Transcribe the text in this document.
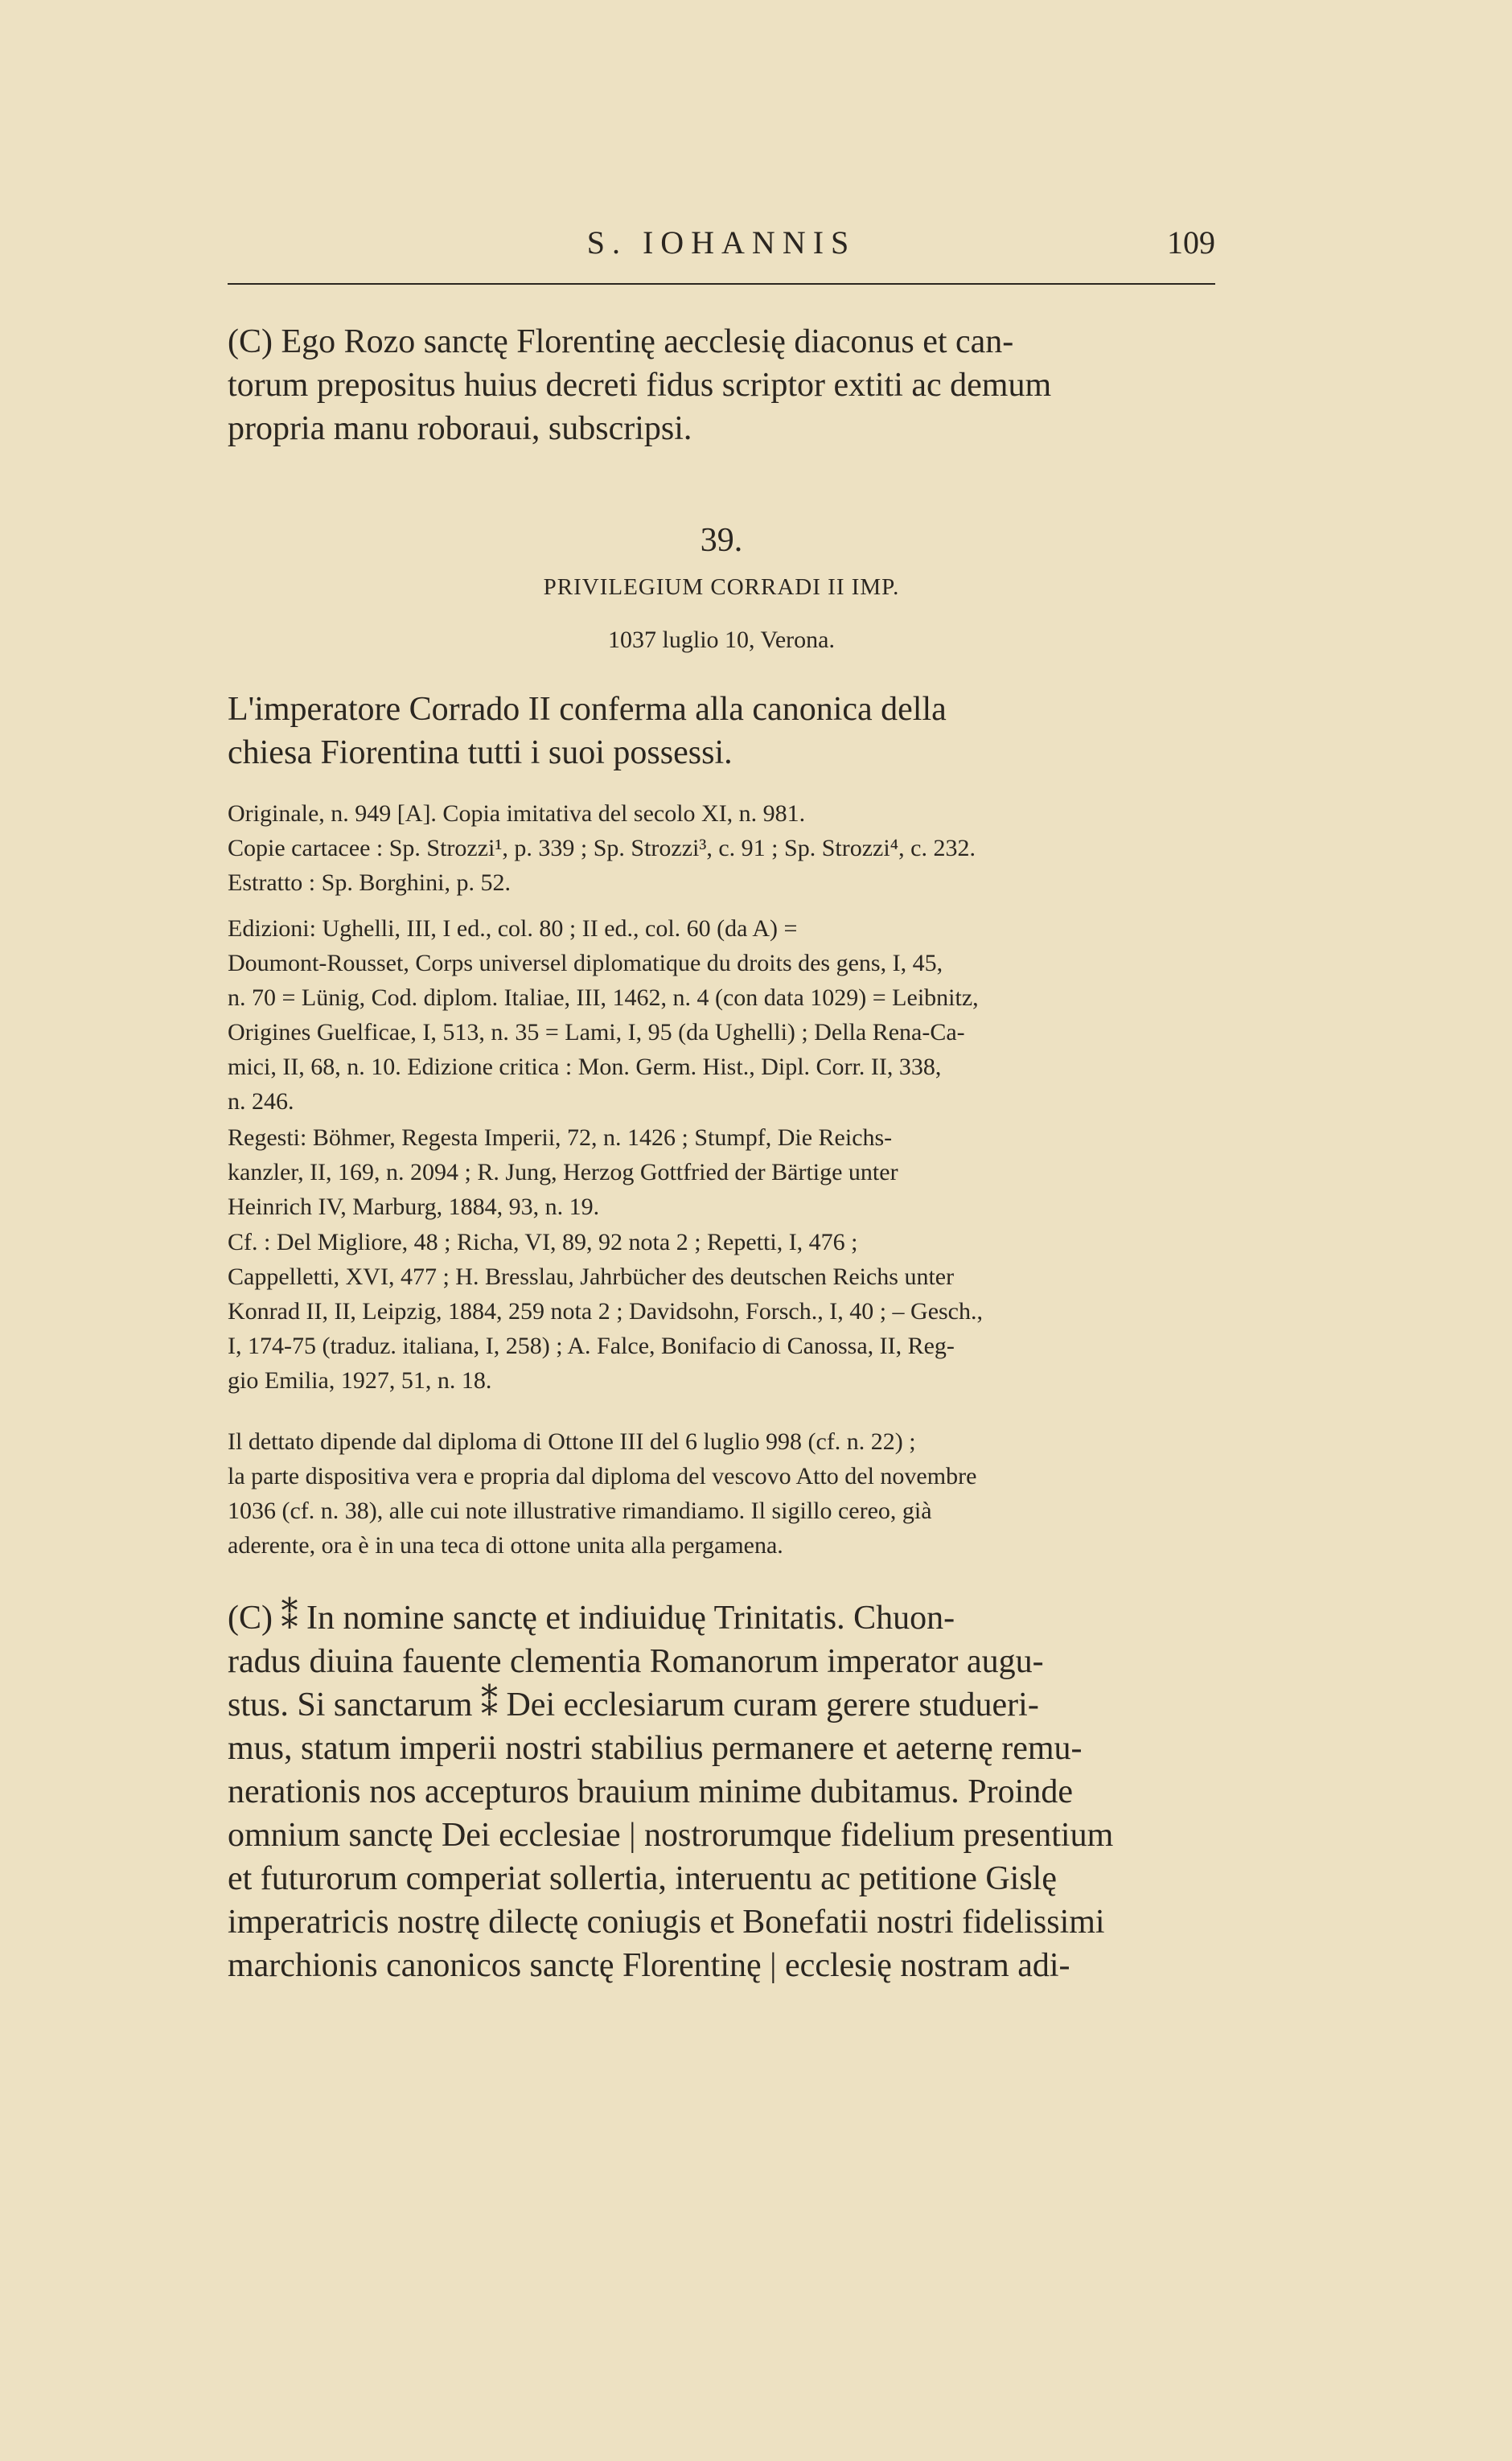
S. IOHANNIS	109
(C) Ego Rozo sanctę Florentinę aecclesię diaconus et can-
torum prepositus huius decreti fidus scriptor extiti ac demum
propria manu roboraui, subscripsi.
39.
PRIVILEGIUM CORRADI II IMP.
1037 luglio 10, Verona.
L'imperatore Corrado II conferma alla canonica della
chiesa Fiorentina tutti i suoi possessi.
Originale, n. 949 [A]. Copia imitativa del secolo XI, n. 981.
Copie cartacee : Sp. Strozzi¹, p. 339 ; Sp. Strozzi³, c. 91 ; Sp. Strozzi⁴, c. 232.
Estratto : Sp. Borghini, p. 52.
Edizioni: Ughelli, III, I ed., col. 80 ; II ed., col. 60 (da A) =
Doumont-Rousset, Corps universel diplomatique du droits des gens, I, 45,
n. 70 = Lünig, Cod. diplom. Italiae, III, 1462, n. 4 (con data 1029) = Leibnitz,
Origines Guelficae, I, 513, n. 35 = Lami, I, 95 (da Ughelli) ; Della Rena-Ca-
mici, II, 68, n. 10. Edizione critica : Mon. Germ. Hist., Dipl. Corr. II, 338,
n. 246.
Regesti: Böhmer, Regesta Imperii, 72, n. 1426 ; Stumpf, Die Reichs-
kanzler, II, 169, n. 2094 ; R. Jung, Herzog Gottfried der Bärtige unter
Heinrich IV, Marburg, 1884, 93, n. 19.
Cf. : Del Migliore, 48 ; Richa, VI, 89, 92 nota 2 ; Repetti, I, 476 ;
Cappelletti, XVI, 477 ; H. Bresslau, Jahrbücher des deutschen Reichs unter
Konrad II, II, Leipzig, 1884, 259 nota 2 ; Davidsohn, Forsch., I, 40 ; – Gesch.,
I, 174-75 (traduz. italiana, I, 258) ; A. Falce, Bonifacio di Canossa, II, Reg-
gio Emilia, 1927, 51, n. 18.
Il dettato dipende dal diploma di Ottone III del 6 luglio 998 (cf. n. 22) ;
la parte dispositiva vera e propria dal diploma del vescovo Atto del novembre
1036 (cf. n. 38), alle cui note illustrative rimandiamo. Il sigillo cereo, già
aderente, ora è in una teca di ottone unita alla pergamena.
(C) ⁑ In nomine sanctę et indiuiduę Trinitatis. Chuon-
radus diuina fauente clementia Romanorum imperator augu-
stus. Si sanctarum ⁑ Dei ecclesiarum curam gerere studueri-
mus, statum imperii nostri stabilius permanere et aeternę remu-
nerationis nos accepturos brauium minime dubitamus. Proinde
omnium sanctę Dei ecclesiae | nostrorumque fidelium presentium
et futurorum comperiat sollertia, interuentu ac petitione Gislę
imperatricis nostrę dilectę coniugis et Bonefatii nostri fidelissimi
marchionis canonicos sanctę Florentinę | ecclesię nostram adi-
